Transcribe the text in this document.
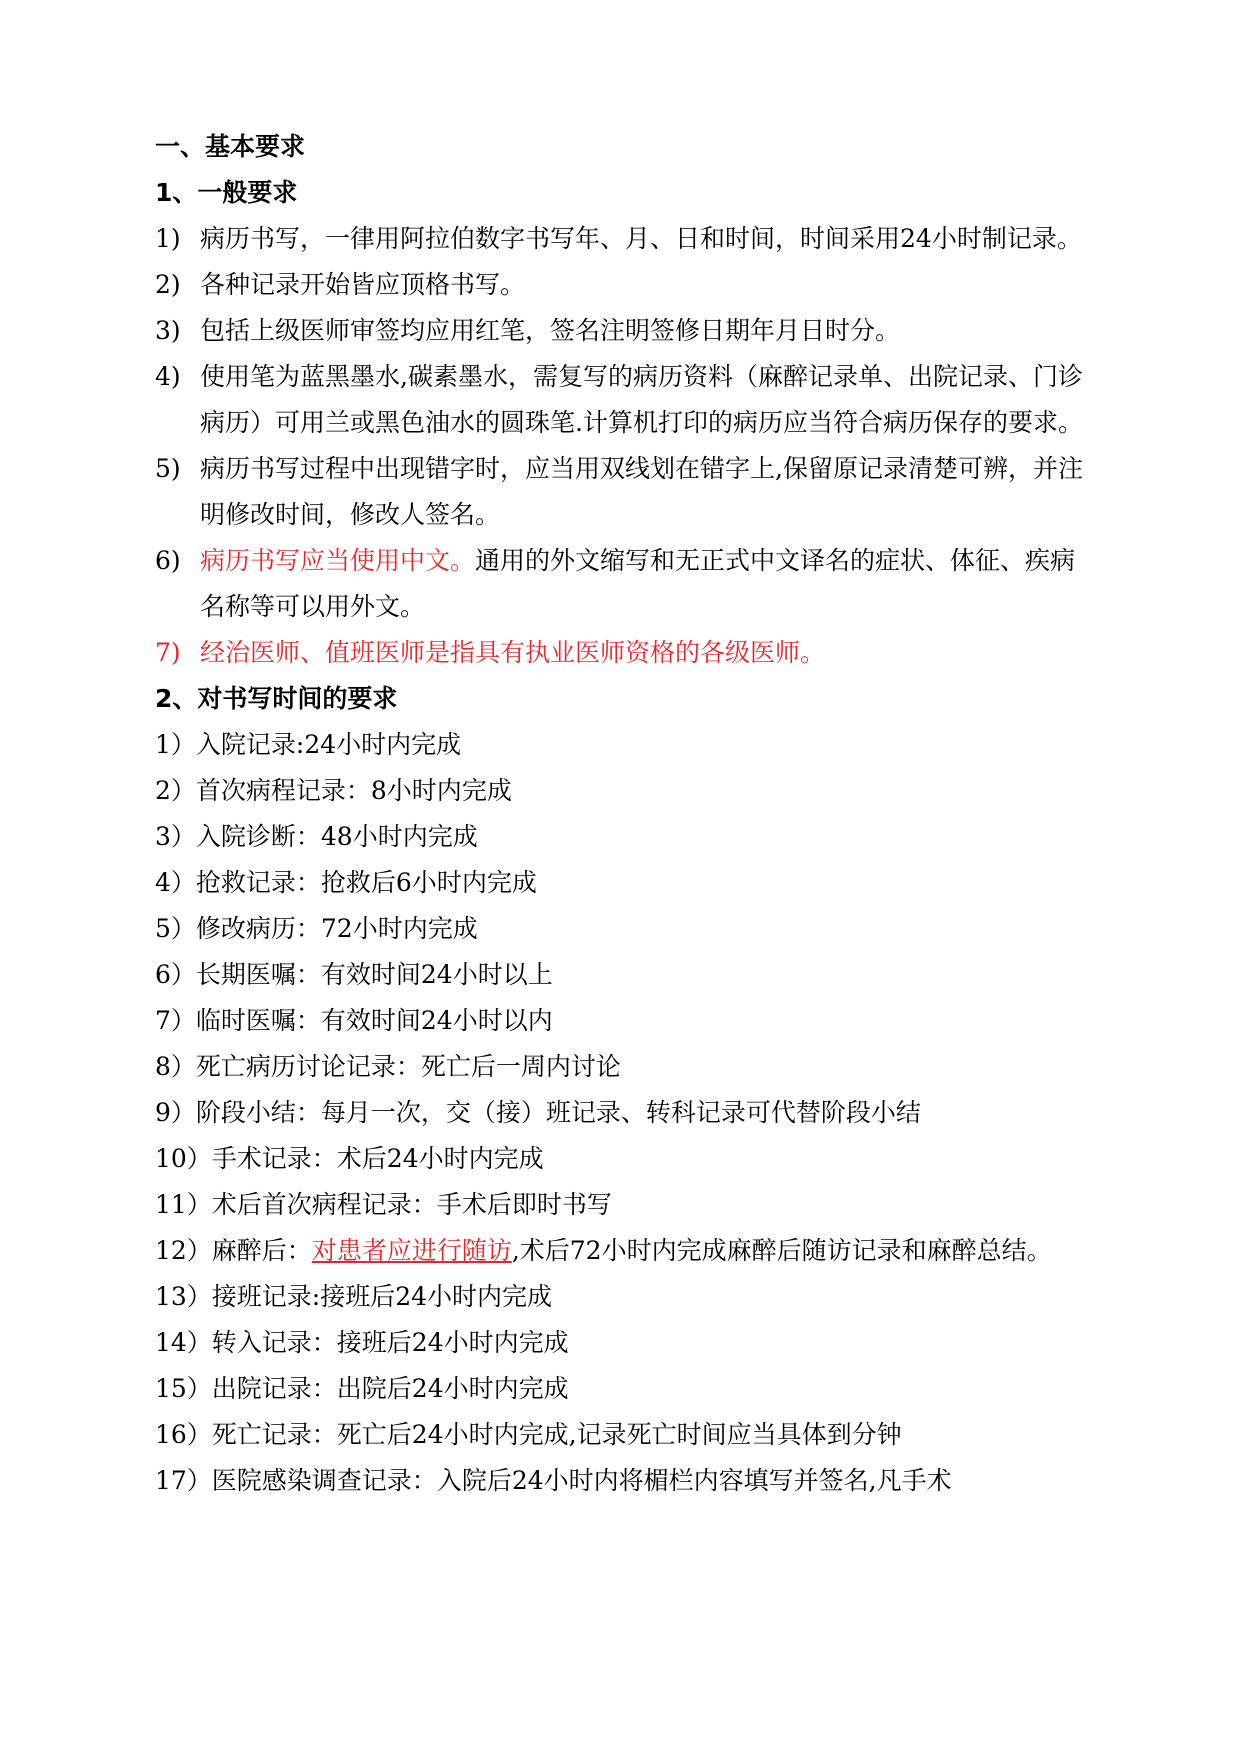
一、基本要求
1、一般要求
1) 病历书写，一律用阿拉伯数字书写年、月、日和时间，时间采用24小时制记录。
2) 各种记录开始皆应顶格书写。
3) 包括上级医师审签均应用红笔，签名注明签修日期年月日时分。
4) 使用笔为蓝黑墨水,碳素墨水，需复写的病历资料（麻醉记录单、出院记录、门诊病历）可用兰或黑色油水的圆珠笔.计算机打印的病历应当符合病历保存的要求。
5) 病历书写过程中出现错字时，应当用双线划在错字上,保留原记录清楚可辨，并注明修改时间，修改人签名。
6) 病历书写应当使用中文。通用的外文缩写和无正式中文译名的症状、体征、疾病名称等可以用外文。
7) 经治医师、值班医师是指具有执业医师资格的各级医师。
2、对书写时间的要求
1）入院记录:24小时内完成
2）首次病程记录：8小时内完成
3）入院诊断：48小时内完成
4）抢救记录：抢救后6小时内完成
5）修改病历：72小时内完成
6）长期医嘱：有效时间24小时以上
7）临时医嘱：有效时间24小时以内
8）死亡病历讨论记录：死亡后一周内讨论
9）阶段小结：每月一次，交（接）班记录、转科记录可代替阶段小结
10）手术记录：术后24小时内完成
11）术后首次病程记录：手术后即时书写
12）麻醉后：对患者应进行随访,术后72小时内完成麻醉后随访记录和麻醉总结。
13）接班记录:接班后24小时内完成
14）转入记录：接班后24小时内完成
15）出院记录：出院后24小时内完成
16）死亡记录：死亡后24小时内完成,记录死亡时间应当具体到分钟
17）医院感染调查记录：入院后24小时内将楣栏内容填写并签名,凡手术
